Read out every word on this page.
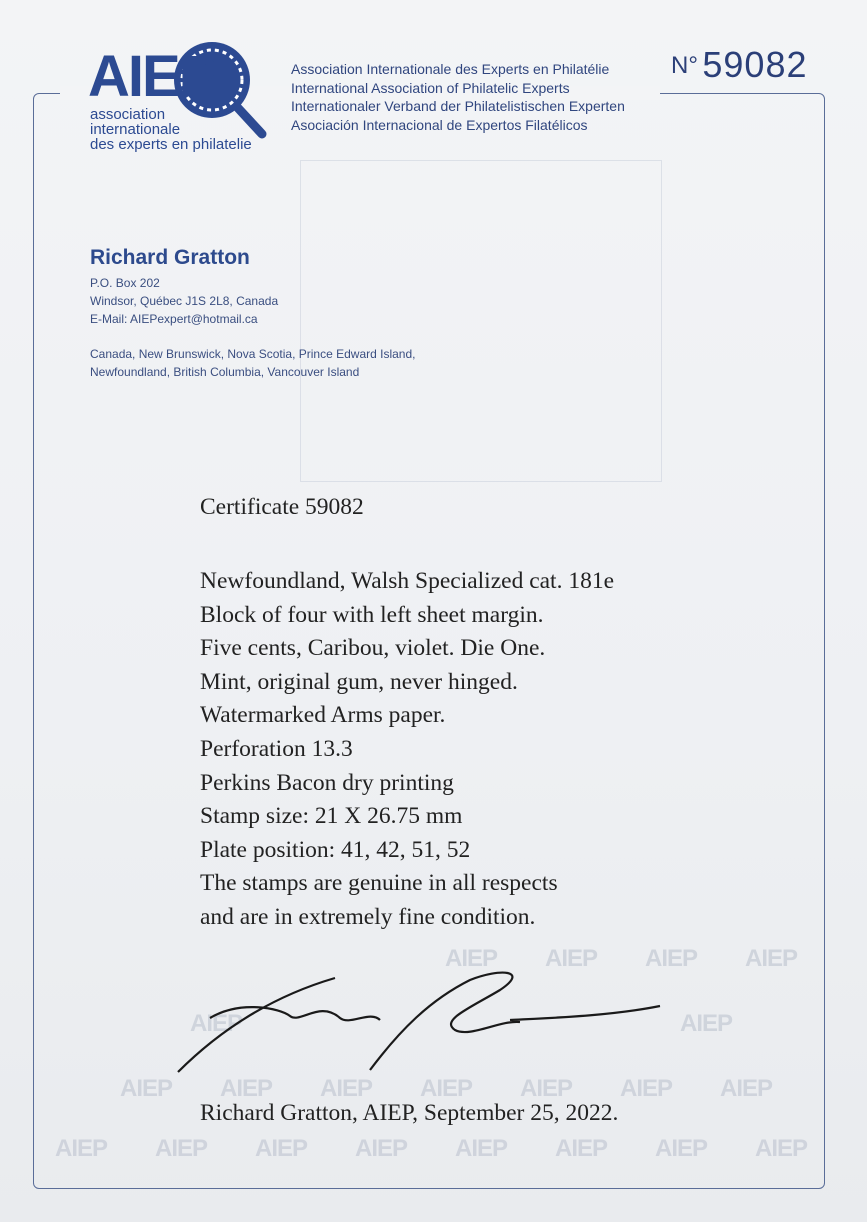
AIEP
association
internationale
des experts en philatelie
Association Internationale des Experts en Philatélie
International Association of Philatelic Experts
Internationaler Verband der Philatelistischen Experten
Asociación Internacional de Expertos Filatélicos
N° 59082
Richard Gratton
P.O. Box 202
Windsor, Québec J1S 2L8, Canada
E-Mail: AIEPexpert@hotmail.ca
Canada, New Brunswick, Nova Scotia, Prince Edward Island,
Newfoundland, British Columbia, Vancouver Island
AIEP AIEP AIEP AIEP
AIEP	AIEP
AIEP AIEP AIEP AIEP AIEP AIEP AIEP
AIEP AIEP AIEP AIEP AIEP AIEP AIEP AIEP
Certificate 59082
Newfoundland, Walsh Specialized cat. 181e
Block of four with left sheet margin.
Five cents, Caribou, violet. Die One.
Mint, original gum, never hinged.
Watermarked Arms paper.
Perforation 13.3
Perkins Bacon dry printing
Stamp size: 21 X 26.75 mm
Plate position: 41, 42, 51, 52
The stamps are genuine in all respects
and are in extremely fine condition.
Richard Gratton, AIEP, September 25, 2022.
